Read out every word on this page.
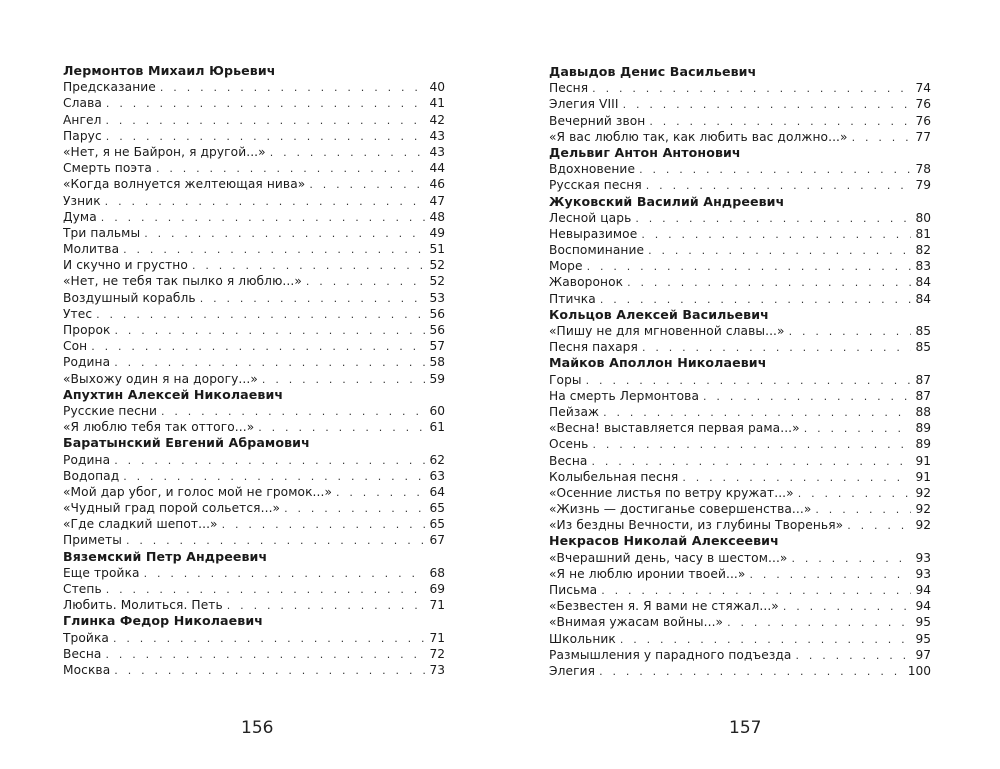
Лермонтов Михаил Юрьевич
Предсказание . . .	40
Слава . . .	41
Ангел . . .	42
Парус . . .	43
«Нет, я не Байрон, я другой...» . . .	43
Смерть поэта . . .	44
«Когда волнуется желтеющая нива» . . .	46
Узник . . .	47
Дума . . .	48
Три пальмы . . .	49
Молитва . . .	51
И скучно и грустно . . .	52
«Нет, не тебя так пылко я люблю...» . . .	52
Воздушный корабль . . .	53
Утес . . .	56
Пророк . . .	56
Сон . . .	57
Родина . . .	58
«Выхожу один я на дорогу...» . . .	59
Апухтин Алексей Николаевич
Русские песни . . .	60
«Я люблю тебя так оттого...» . . .	61
Баратынский Евгений Абрамович
Родина . . .	62
Водопад . . .	63
«Мой дар убог, и голос мой не громок...» . . .	64
«Чудный град порой сольется...» . . .	65
«Где сладкий шепот...» . . .	65
Приметы . . .	67
Вяземский Петр Андреевич
Еще тройка . . .	68
Степь . . .	69
Любить. Молиться. Петь . . .	71
Глинка Федор Николаевич
Тройка . . .	71
Весна . . .	72
Москва . . .	73
Давыдов Денис Васильевич
Песня . . .	74
Элегия VIII . . .	76
Вечерний звон . . .	76
«Я вас люблю так, как любить вас должно...» . . .	77
Дельвиг Антон Антонович
Вдохновение . . .	78
Русская песня . . .	79
Жуковский Василий Андреевич
Лесной царь . . .	80
Невыразимое . . .	81
Воспоминание . . .	82
Море . . .	83
Жаворонок . . .	84
Птичка . . .	84
Кольцов Алексей Васильевич
«Пишу не для мгновенной славы...» . . .	85
Песня пахаря . . .	85
Майков Аполлон Николаевич
Горы . . .	87
На смерть Лермонтова . . .	87
Пейзаж . . .	88
«Весна! выставляется первая рама...» . . .	89
Осень . . .	89
Весна . . .	91
Колыбельная песня . . .	91
«Осенние листья по ветру кружат...» . . .	92
«Жизнь — достиганье совершенства...» . . .	92
«Из бездны Вечности, из глубины Творенья» . . .	92
Некрасов Николай Алексеевич
«Вчерашний день, часу в шестом...» . . .	93
«Я не люблю иронии твоей...» . . .	93
Письма . . .	94
«Безвестен я. Я вами не стяжал...» . . .	94
«Внимая ужасам войны...» . . .	95
Школьник . . .	95
Размышления у парадного подъезда . . .	97
Элегия . . .	100
156	157
